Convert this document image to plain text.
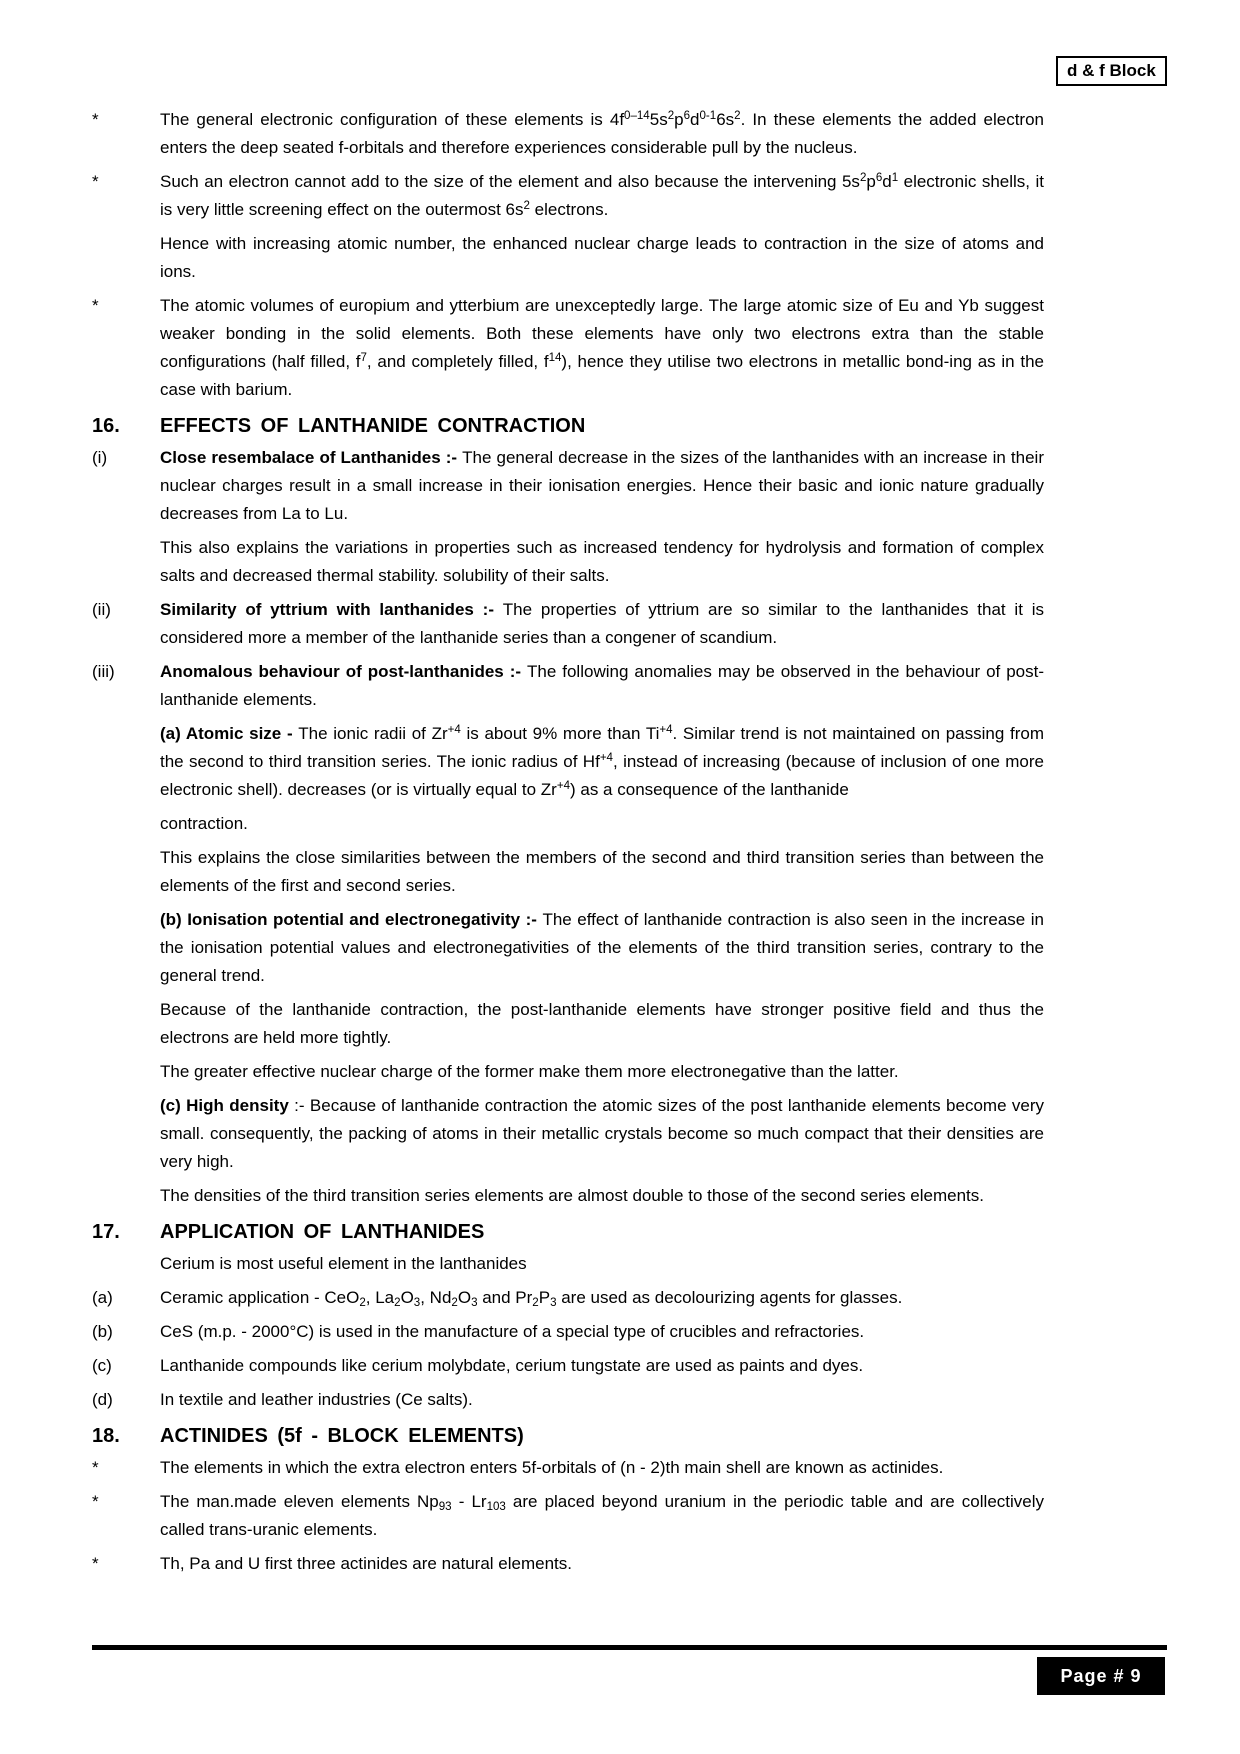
d & f Block
*	The general electronic configuration of these elements is $4f^{0-14}5s^2p^6d^{0-1}6s^2$. In these elements the added electron enters the deep seated f-orbitals and therefore experiences considerable pull by the nucleus.
*	Such an electron cannot add to the size of the element and also because the intervening $5s^2p^6d^1$ electronic shells, it is very little screening effect on the outermost $6s^2$ electrons.
Hence with increasing atomic number, the enhanced nuclear charge leads to contraction in the size of atoms and ions.
*	The atomic volumes of europium and ytterbium are unexceptedly large. The large atomic size of Eu and Yb suggest weaker bonding in the solid elements. Both these elements have only two electrons extra than the stable configurations (half filled, $f^7$, and completely filled, $f^{14}$), hence they utilise two electrons in metallic bond-ing as in the case with barium.
16.	EFFECTS OF LANTHANIDE CONTRACTION
(i)	Close resembalace of Lanthanides :- The general decrease in the sizes of the lanthanides with an increase in their nuclear charges result in a small increase in their ionisation energies. Hence their basic and ionic nature gradually decreases from La to Lu.
This also explains the variations in properties such as increased tendency for hydrolysis and formation of complex salts and decreased thermal stability. solubility of their salts.
(ii)	Similarity of yttrium with lanthanides :- The properties of yttrium are so similar to the lanthanides that it is considered more a member of the lanthanide series than a congener of scandium.
(iii)	Anomalous behaviour of post-lanthanides :- The following anomalies may be observed in the behaviour of post-lanthanide elements.
(a) Atomic size - The ionic radii of $Zr^{+4}$ is about 9% more than $Ti^{+4}$. Similar trend is not maintained on passing from the second to third transition series. The ionic radius of $Hf^{+4}$, instead of increasing (because of inclusion of one more electronic shell). decreases (or is virtually equal to $Zr^{+4}$) as a consequence of the lanthanide
contraction.
This explains the close similarities between the members of the second and third transition series than between the elements of the first and second series.
(b) Ionisation potential and electronegativity :- The effect of lanthanide contraction is also seen in the increase in the ionisation potential values and electronegativities of the elements of the third transition series, contrary to the general trend.
Because of the lanthanide contraction, the post-lanthanide elements have stronger positive field and thus the electrons are held more tightly.
The greater effective nuclear charge of the former make them more electronegative than the latter.
(c) High density :- Because of lanthanide contraction the atomic sizes of the post lanthanide elements become very small. consequently, the packing of atoms in their metallic crystals become so much compact that their densities are very high.
The densities of the third transition series elements are almost double to those of the second series elements.
17.	APPLICATION OF LANTHANIDES
Cerium is most useful element in the lanthanides
(a)	Ceramic application - CeO$_2$, $La_2O_3$, $Nd_2O_3$ and $Pr_2P_3$ are used as decolourizing agents for glasses.
(b)	CeS (m.p. - 2000°C) is used in the manufacture of a special type of crucibles and refractories.
(c)	Lanthanide compounds like cerium molybdate, cerium tungstate are used as paints and dyes.
(d)	In textile and leather industries (Ce salts).
18.	ACTINIDES (5f - BLOCK ELEMENTS)
*	The elements in which the extra electron enters 5f-orbitals of (n - 2)th main shell are known as actinides.
*	The man.made eleven elements $Np_{93} - Lr_{103}$ are placed beyond uranium in the periodic table and are collectively called trans-uranic elements.
*	Th, Pa and U first three actinides are natural elements.
Page # 9
